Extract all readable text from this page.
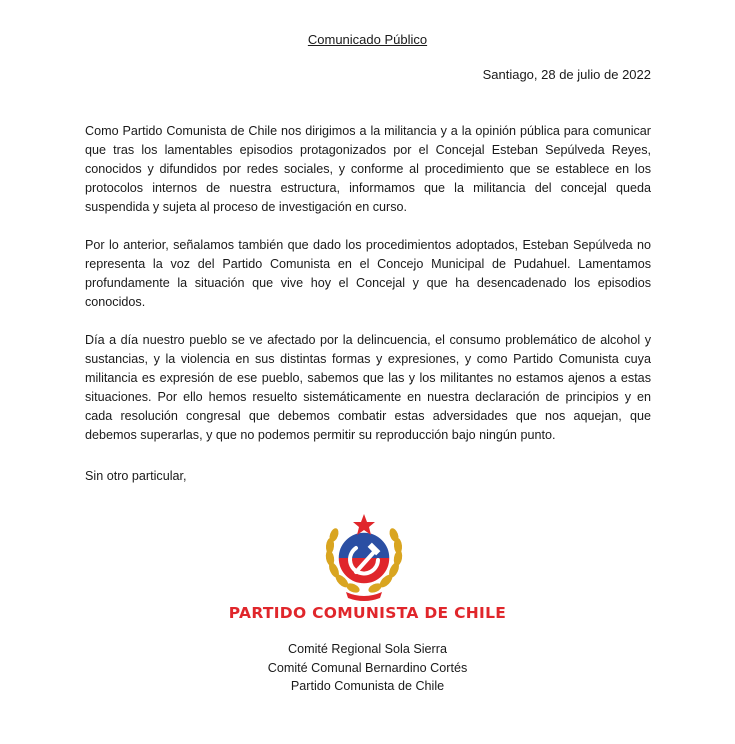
Comunicado Público
Santiago, 28 de julio de 2022

Como Partido Comunista de Chile nos dirigimos a la militancia y a la opinión pública para comunicar que tras los lamentables episodios protagonizados por el Concejal Esteban Sepúlveda Reyes, conocidos y difundidos por redes sociales, y conforme al procedimiento que se establece en los protocolos internos de nuestra estructura, informamos que la militancia del concejal queda suspendida y sujeta al proceso de investigación en curso.

Por lo anterior, señalamos también que dado los procedimientos adoptados, Esteban Sepúlveda no representa la voz del Partido Comunista en el Concejo Municipal de Pudahuel. Lamentamos profundamente la situación que vive hoy el Concejal y que ha desencadenado los episodios conocidos.

Día a día nuestro pueblo se ve afectado por la delincuencia, el consumo problemático de alcohol y sustancias, y la violencia en sus distintas formas y expresiones, y como Partido Comunista cuya militancia es expresión de ese pueblo, sabemos que las y los militantes no estamos ajenos a estas situaciones. Por ello hemos resuelto sistemáticamente en nuestra declaración de principios y en cada resolución congresal que debemos combatir estas adversidades que nos aquejan, que debemos superarlas, y que no podemos permitir su reproducción bajo ningún punto.

Sin otro particular,
PARTIDO COMUNISTA DE CHILE
Comité Regional Sola Sierra
Comité Comunal Bernardino Cortés
Partido Comunista de Chile
